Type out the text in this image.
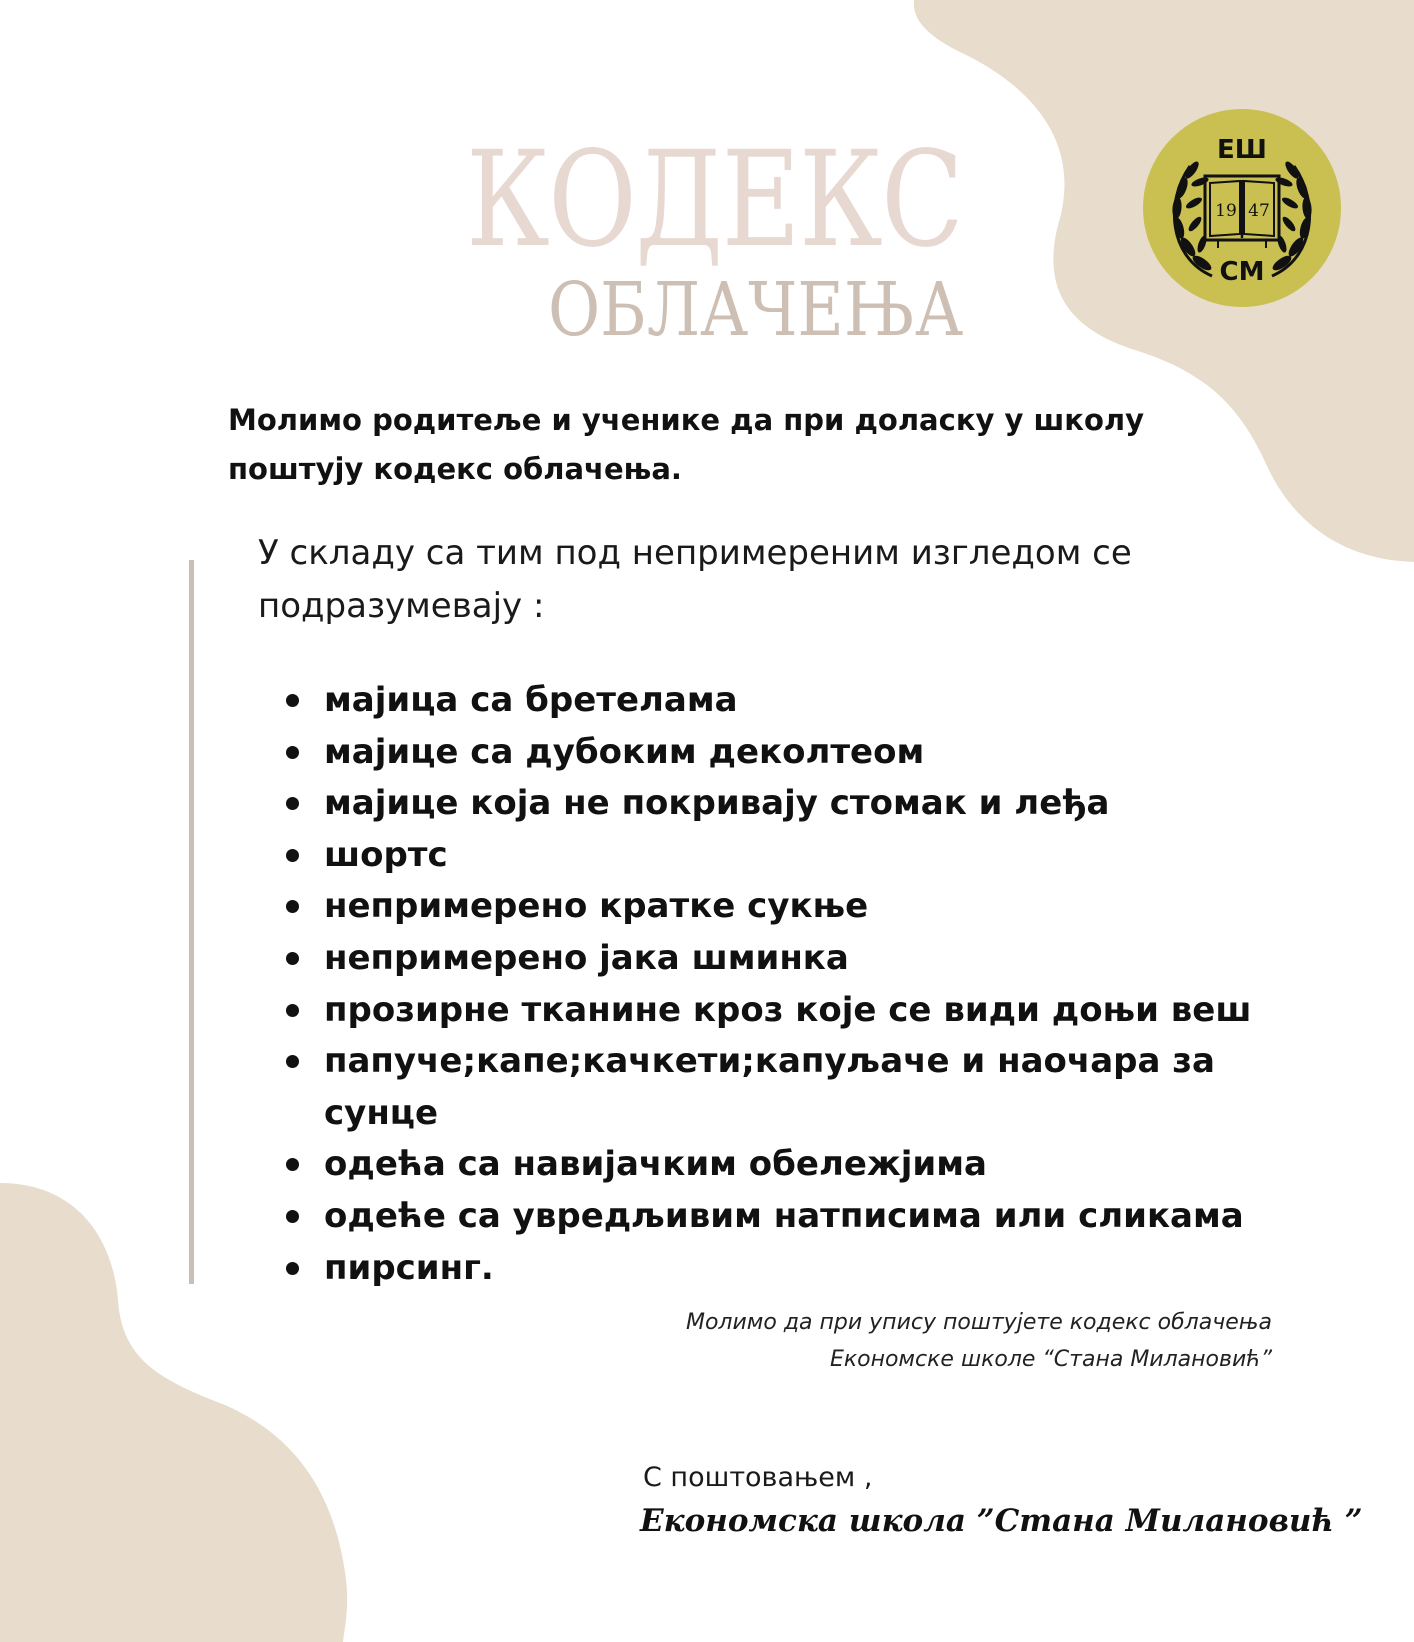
КОДЕКС
ОБЛАЧЕЊА
EШ
19 47
СМ

Молимо родитеље и ученике да при доласку у школу
поштују кодекс облачења.

У складу са тим под непримереним изгледом се
подразумевају :

мајица са бретелама
мајице са дубоким деколтеом
мајице која не покривају стомак и леђа
шортс
непримерено кратке сукње
непримерено јака шминка
прозирне тканине кроз које се види доњи веш
папуче;капе;качкети;капуљаче и наочара за сунце
одећа са навијачким обележјима
одеће са увредљивим натписима или сликама
пирсинг.

Молимо да при упису поштујете кодекс облачења
Економске школе “Стана Милановић”

С поштовањем ,

Економска школа ”Стана Милановић ”
